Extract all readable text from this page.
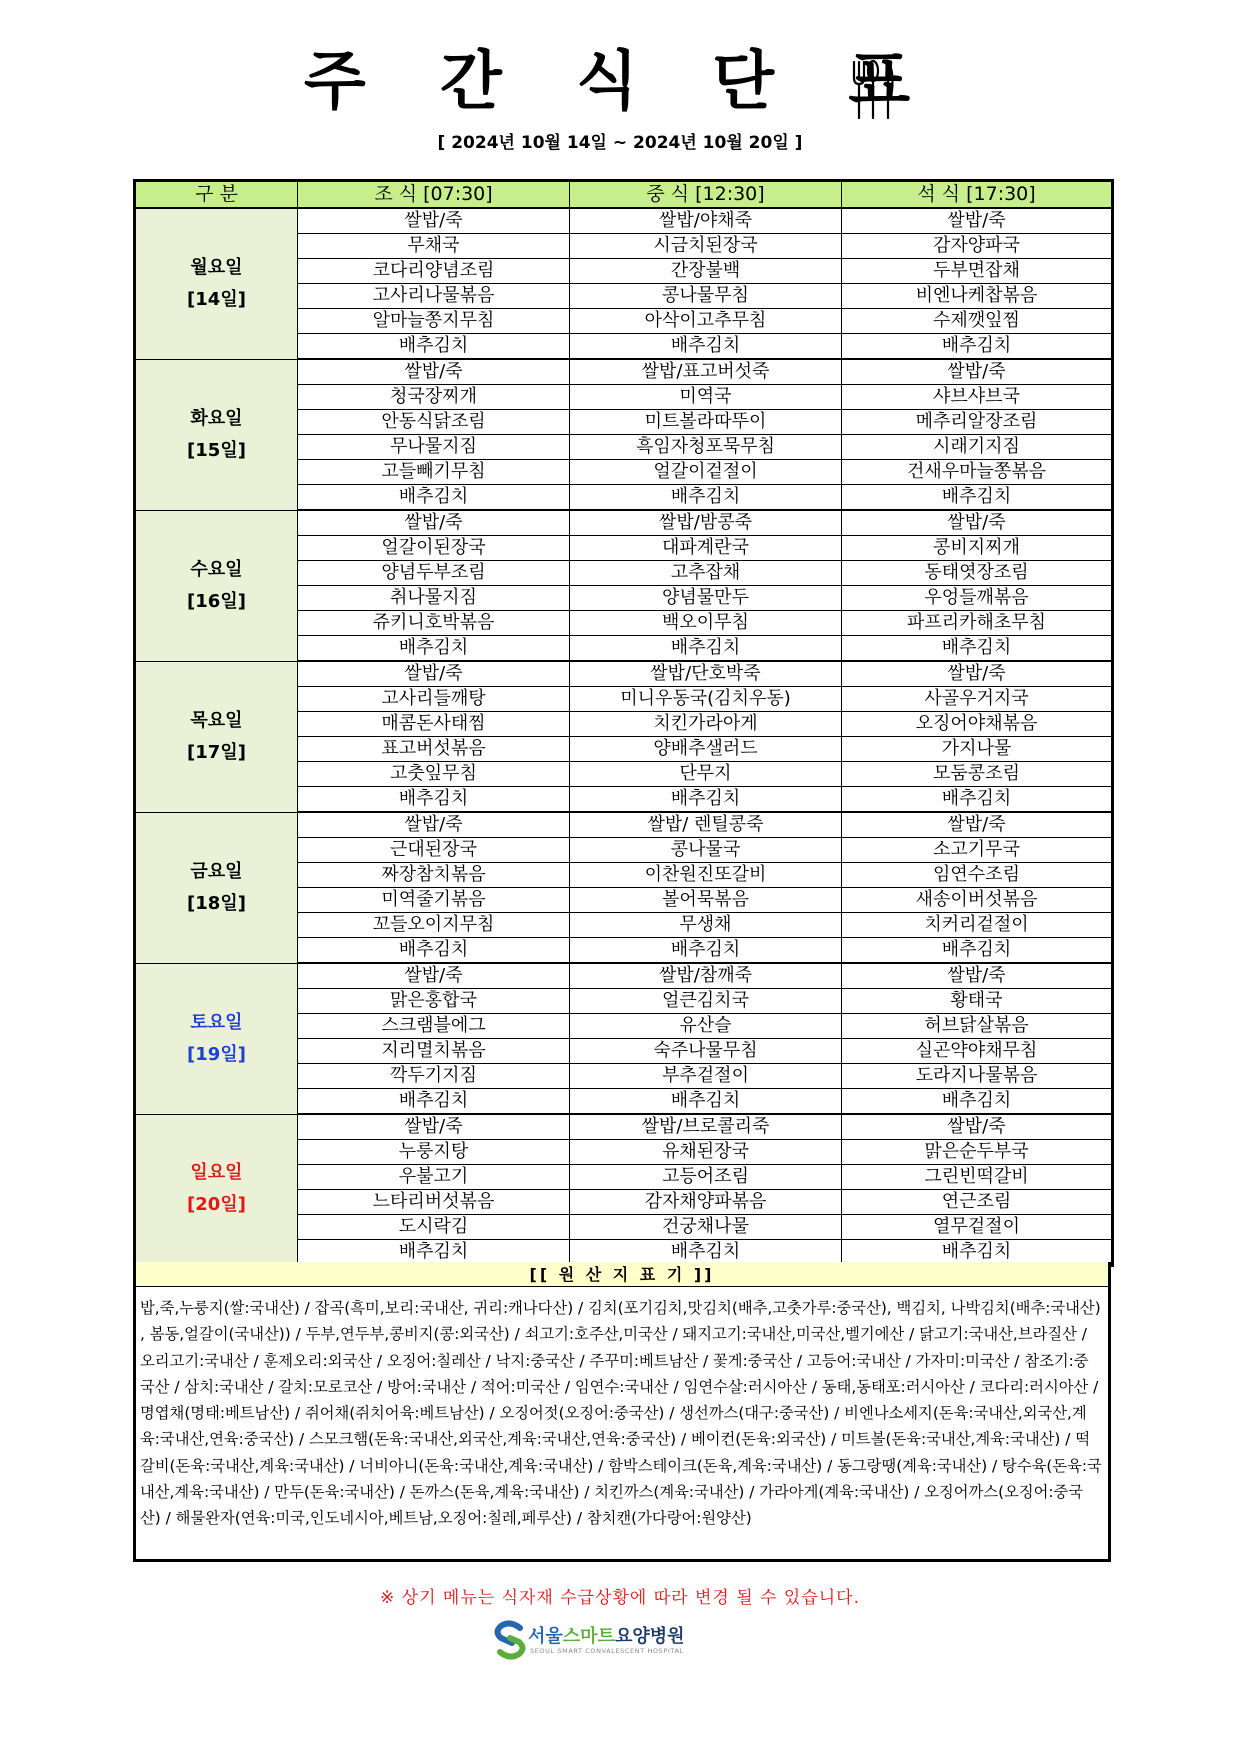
주 간 식 단 표
[ 2024년 10월 14일 ~ 2024년 10월 20일 ]
구 분	조 식 [07:30]	중 식 [12:30]	석 식 [17:30]

월요일
[14일]	쌀밥/죽	쌀밥/야채죽	쌀밥/죽
	무채국	시금치된장국	감자양파국
	코다리양념조림	간장불백	두부면잡채
	고사리나물볶음	콩나물무침	비엔나케찹볶음
	알마늘쫑지무침	아삭이고추무침	수제깻잎찜
	배추김치	배추김치	배추김치

화요일
[15일]	쌀밥/죽	쌀밥/표고버섯죽	쌀밥/죽
	청국장찌개	미역국	샤브샤브국
	안동식닭조림	미트볼라따뚜이	메추리알장조림
	무나물지짐	흑임자청포묵무침	시래기지짐
	고들빼기무침	얼갈이겉절이	건새우마늘쫑볶음
	배추김치	배추김치	배추김치

수요일
[16일]	쌀밥/죽	쌀밥/밤콩죽	쌀밥/죽
	얼갈이된장국	대파계란국	콩비지찌개
	양념두부조림	고추잡채	동태엿장조림
	취나물지짐	양념물만두	우엉들깨볶음
	쥬키니호박볶음	백오이무침	파프리카해초무침
	배추김치	배추김치	배추김치

목요일
[17일]	쌀밥/죽	쌀밥/단호박죽	쌀밥/죽
	고사리들깨탕	미니우동국(김치우동)	사골우거지국
	매콤돈사태찜	치킨가라아게	오징어야채볶음
	표고버섯볶음	양배추샐러드	가지나물
	고춧잎무침	단무지	모둠콩조림
	배추김치	배추김치	배추김치

금요일
[18일]	쌀밥/죽	쌀밥/ 렌틸콩죽	쌀밥/죽
	근대된장국	콩나물국	소고기무국
	짜장참치볶음	이찬원진또갈비	임연수조림
	미역줄기볶음	볼어묵볶음	새송이버섯볶음
	꼬들오이지무침	무생채	치커리겉절이
	배추김치	배추김치	배추김치

토요일
[19일]	쌀밥/죽	쌀밥/참깨죽	쌀밥/죽
	맑은홍합국	얼큰김치국	황태국
	스크램블에그	유산슬	허브닭살볶음
	지리멸치볶음	숙주나물무침	실곤약야채무침
	깍두기지짐	부추겉절이	도라지나물볶음
	배추김치	배추김치	배추김치

일요일
[20일]	쌀밥/죽	쌀밥/브로콜리죽	쌀밥/죽
	누룽지탕	유채된장국	맑은순두부국
	우불고기	고등어조림	그린빈떡갈비
	느타리버섯볶음	감자채양파볶음	연근조림
	도시락김	건궁채나물	열무겉절이
	배추김치	배추김치	배추김치
[[ 원 산 지 표 기 ]]
밥,죽,누룽지(쌀:국내산) / 잡곡(흑미,보리:국내산, 귀리:캐나다산) / 김치(포기김치,맛김치(배추,고춧가루:중국산), 백김치, 나박김치(배추:국내산) , 봄동,얼갈이(국내산)) / 두부,연두부,콩비지(콩:외국산) / 쇠고기:호주산,미국산 / 돼지고기:국내산,미국산,벨기에산 / 닭고기:국내산,브라질산 / 오리고기:국내산 / 훈제오리:외국산 / 오징어:칠레산 / 낙지:중국산 / 주꾸미:베트남산 / 꽃게:중국산 / 고등어:국내산 / 가자미:미국산 / 참조기:중국산 / 삼치:국내산 / 갈치:모로코산 / 방어:국내산 / 적어:미국산 / 임연수:국내산 / 임연수살:러시아산 / 동태,동태포:러시아산 / 코다리:러시아산 / 명엽채(명태:베트남산) / 쥐어채(쥐치어육:베트남산) / 오징어젓(오징어:중국산) / 생선까스(대구:중국산) / 비엔나소세지(돈육:국내산,외국산,계육:국내산,연육:중국산) / 스모크햄(돈육:국내산,외국산,계육:국내산,연육:중국산) / 베이컨(돈육:외국산) / 미트볼(돈육:국내산,계육:국내산) / 떡갈비(돈육:국내산,계육:국내산) / 너비아니(돈육:국내산,계육:국내산) / 함박스테이크(돈육,계육:국내산) / 동그랑땡(계육:국내산) / 탕수육(돈육:국내산,계육:국내산) / 만두(돈육:국내산) / 돈까스(돈육,계육:국내산) / 치킨까스(계육:국내산) / 가라아게(계육:국내산) / 오징어까스(오징어:중국산) / 해물완자(연육:미국,인도네시아,베트남,오징어:칠레,페루산) / 참치캔(가다랑어:원양산)
※ 상기 메뉴는 식자재 수급상황에 따라 변경 될 수 있습니다.
서울스마트요양병원
SEOUL SMART CONVALESCENT HOSPITAL
